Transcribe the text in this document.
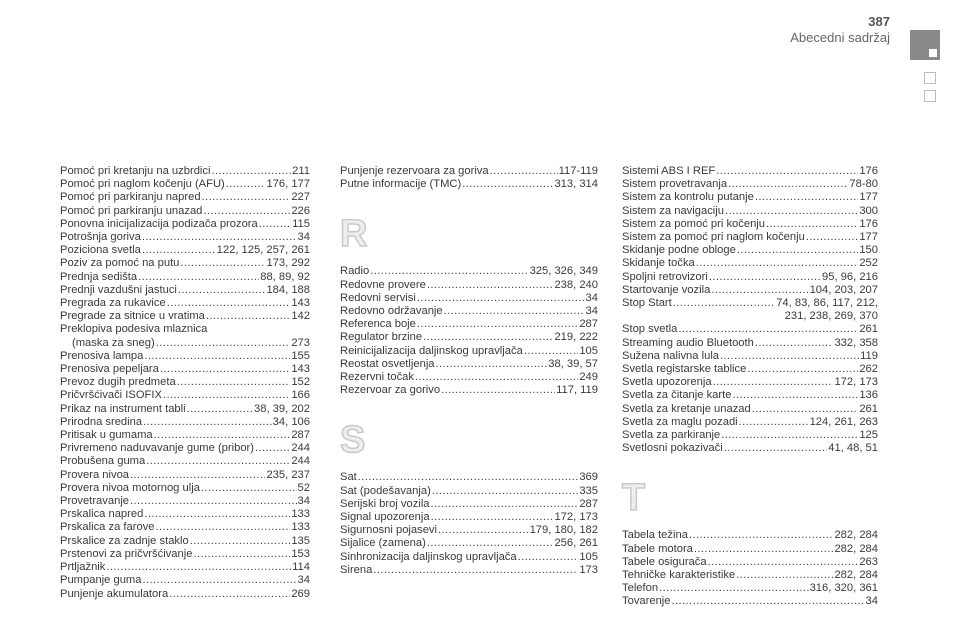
387
Abecedni sadržaj
Pomoć pri kretanju na uzbrdici .....	211
Pomoć pri naglom kočenju (AFU) .....	176, 177
Pomoć pri parkiranju napred .....	227
Pomoć pri parkiranju unazad .....	226
Ponovna inicijalizacija podizača prozora .....	115
Potrošnja goriva .....	34
Poziciona svetla .....	122, 125, 257, 261
Poziv za pomoć na putu .....	173, 292
Prednja sedišta .....	88, 89, 92
Prednji vazdušni jastuci .....	184, 188
Pregrada za rukavice .....	143
Pregrade za sitnice u vratima .....	142
Preklopiva podesiva mlaznica
(maska za sneg) .....	273
Prenosiva lampa .....	155
Prenosiva pepeljara .....	143
Prevoz dugih predmeta .....	152
Pričvršćivači ISOFIX .....	166
Prikaz na instrument tabli .....	38, 39, 202
Prirodna sredina .....	34, 106
Pritisak u gumama .....	287
Privremeno naduvavanje gume (pribor) .....	244
Probušena guma .....	244
Provera nivoa .....	235, 237
Provera nivoa motornog ulja .....	52
Provetravanje .....	34
Prskalica napred .....	133
Prskalica za farove .....	133
Prskalice za zadnje staklo .....	135
Prstenovi za pričvršćivanje .....	153
Prtljažnik .....	114
Pumpanje guma .....	34
Punjenje akumulatora .....	269
Punjenje rezervoara za goriva .....	117-119
Putne informacije (TMC) .....	313, 314
R
Radio .....	325, 326, 349
Redovne provere .....	238, 240
Redovni servisi .....	34
Redovno održavanje .....	34
Referenca boje .....	287
Regulator brzine .....	219, 222
Reinicijalizacija daljinskog upravljača .....	105
Reostat osvetljenja .....	38, 39, 57
Rezervni točak .....	249
Rezervoar za gorivo .....	117, 119
S
Sat .....	369
Sat (podešavanja) .....	335
Serijski broj vozila .....	287
Signal upozorenja .....	172, 173
Sigurnosni pojasevi .....	179, 180, 182
Sijalice (zamena) .....	256, 261
Sinhronizacija daljinskog upravljača .....	105
Sirena .....	173
Sistemi ABS I REF .....	176
Sistem provetravanja .....	78-80
Sistem za kontrolu putanje .....	177
Sistem za navigaciju .....	300
Sistem za pomoć pri kočenju .....	176
Sistem za pomoć pri naglom kočenju .....	177
Skidanje podne obloge .....	150
Skidanje točka .....	252
Spoljni retrovizori .....	95, 96, 216
Startovanje vozila .....	104, 203, 207
Stop Start .....	74, 83, 86, 117, 212,
231, 238, 269, 370
Stop svetla .....	261
Streaming audio Bluetooth .....	332, 358
Sužena nalivna lula .....	119
Svetla registarske tablice .....	262
Svetla upozorenja .....	172, 173
Svetla za čitanje karte .....	136
Svetla za kretanje unazad .....	261
Svetla za maglu pozadi .....	124, 261, 263
Svetla za parkiranje .....	125
Svetlosni pokazivači .....	41, 48, 51
T
Tabela težina .....	282, 284
Tabele motora .....	282, 284
Tabele osigurača .....	263
Tehničke karakteristike .....	282, 284
Telefon .....	316, 320, 361
Tovarenje .....	34
